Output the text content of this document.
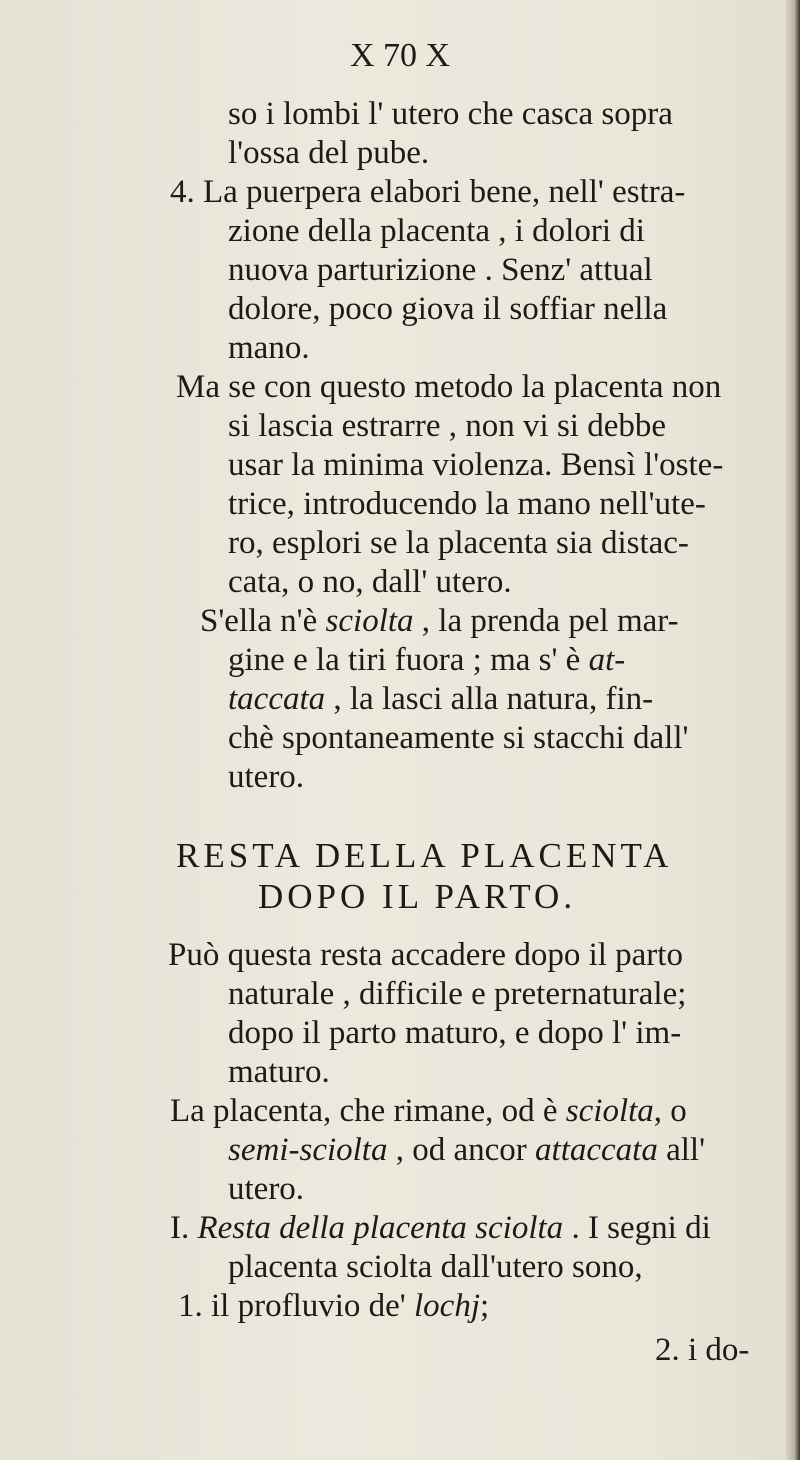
X 70 X
so i lombi l' utero che casca sopra
l'ossa del pube.
4. La puerpera elabori bene, nell' estra-
zione della placenta , i dolori di
nuova parturizione . Senz' attual
dolore, poco giova il soffiar nella
mano.
Ma se con questo metodo la placenta non
si lascia estrarre , non vi si debbe
usar la minima violenza. Bensì l'oste-
trice, introducendo la mano nell'ute-
ro, esplori se la placenta sia distac-
cata, o no, dall' utero.
S'ella n'è sciolta , la prenda pel mar-
gine e la tiri fuora ; ma s' è at-
taccata , la lasci alla natura, fin-
chè spontaneamente si stacchi dall'
utero.
RESTA DELLA PLACENTA
DOPO IL PARTO.
Può questa resta accadere dopo il parto
naturale , difficile e preternaturale;
dopo il parto maturo, e dopo l' im-
maturo.
La placenta, che rimane, od è sciolta, o
semi-sciolta , od ancor attaccata all'
utero.
I. Resta della placenta sciolta . I segni di
placenta sciolta dall'utero sono,
1. il profluvio de' lochj;
2. i do-
